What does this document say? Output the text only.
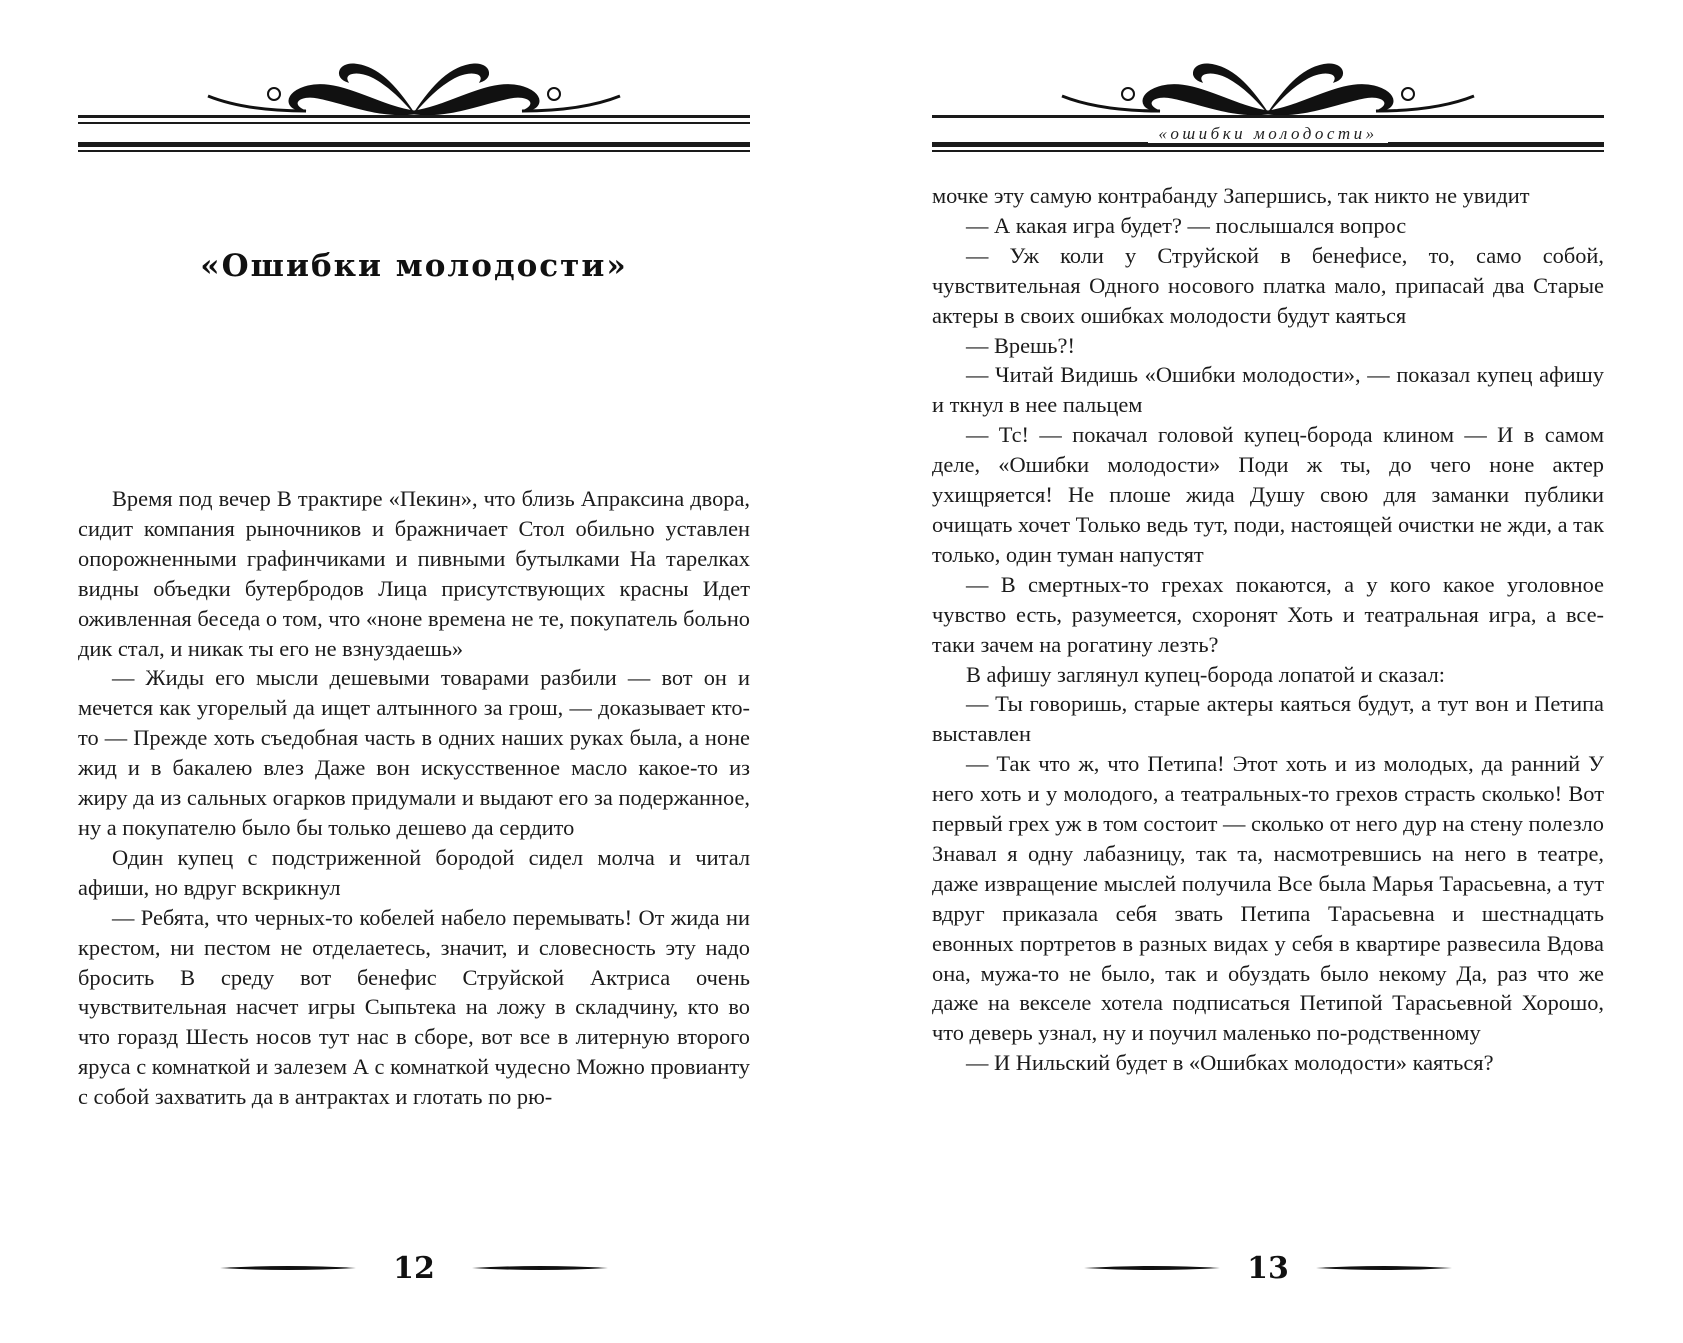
«Ошибки молодости»

Время под вечер В трактире «Пекин», что близь Апраксина двора, сидит компания рыночников и бражничает Стол обильно уставлен опорожненными графинчиками и пивными бутылками На тарелках видны объедки бутербродов Лица присутствующих красны Идет оживленная беседа о том, что «ноне времена не те, покупатель больно дик стал, и никак ты его не взнуздаешь»

— Жиды его мысли дешевыми товарами разбили — вот он и мечется как угорелый да ищет алтынного за грош, — доказывает кто-то — Прежде хоть съедобная часть в одних наших руках была, а ноне жид и в бакалею влез Даже вон искусственное масло какое-то из жиру да из сальных огарков придумали и выдают его за подержанное, ну а покупателю было бы только дешево да сердито

Один купец с подстриженной бородой сидел молча и читал афиши, но вдруг вскрикнул

— Ребята, что черных-то кобелей набело перемывать! От жида ни крестом, ни пестом не отделаетесь, значит, и словесность эту надо бросить В среду вот бенефис Струйской Актриса очень чувствительная насчет игры Сыпьтека на ложу в складчину, кто во что горазд Шесть носов тут нас в сборе, вот все в литерную второго яруса с комнаткой и залезем А с комнаткой чудесно Можно провианту с собой захватить да в антрактах и глотать по рю-

12
«ошибки молодости»

мочке эту самую контрабанду Запершись, так никто не увидит

— А какая игра будет? — послышался вопрос

— Уж коли у Струйской в бенефисе, то, само собой, чувствительная Одного носового платка мало, припасай два Старые актеры в своих ошибках молодости будут каяться

— Врешь?!

— Читай Видишь «Ошибки молодости», — показал купец афишу и ткнул в нее пальцем

— Тс! — покачал головой купец-борода клином — И в самом деле, «Ошибки молодости» Поди ж ты, до чего ноне актер ухищряется! Не плоше жида Душу свою для заманки публики очищать хочет Только ведь тут, поди, настоящей очистки не жди, а так только, один туман напустят

— В смертных-то грехах покаются, а у кого какое уголовное чувство есть, разумеется, схоронят Хоть и театральная игра, а все-таки зачем на рогатину лезть?

В афишу заглянул купец-борода лопатой и сказал:

— Ты говоришь, старые актеры каяться будут, а тут вон и Петипа выставлен

— Так что ж, что Петипа! Этот хоть и из молодых, да ранний У него хоть и у молодого, а театральных-то грехов страсть сколько! Вот первый грех уж в том состоит — сколько от него дур на стену полезло Знавал я одну лабазницу, так та, насмотревшись на него в театре, даже извращение мыслей получила Все была Марья Тарасьевна, а тут вдруг приказала себя звать Петипа Тарасьевна и шестнадцать евонных портретов в разных видах у себя в квартире развесила Вдова она, мужа-то не было, так и обуздать было некому Да, раз что же даже на векселе хотела подписаться Петипой Тарасьевной Хорошо, что деверь узнал, ну и поучил маленько по-родственному

— И Нильский будет в «Ошибках молодости» каяться?

13
